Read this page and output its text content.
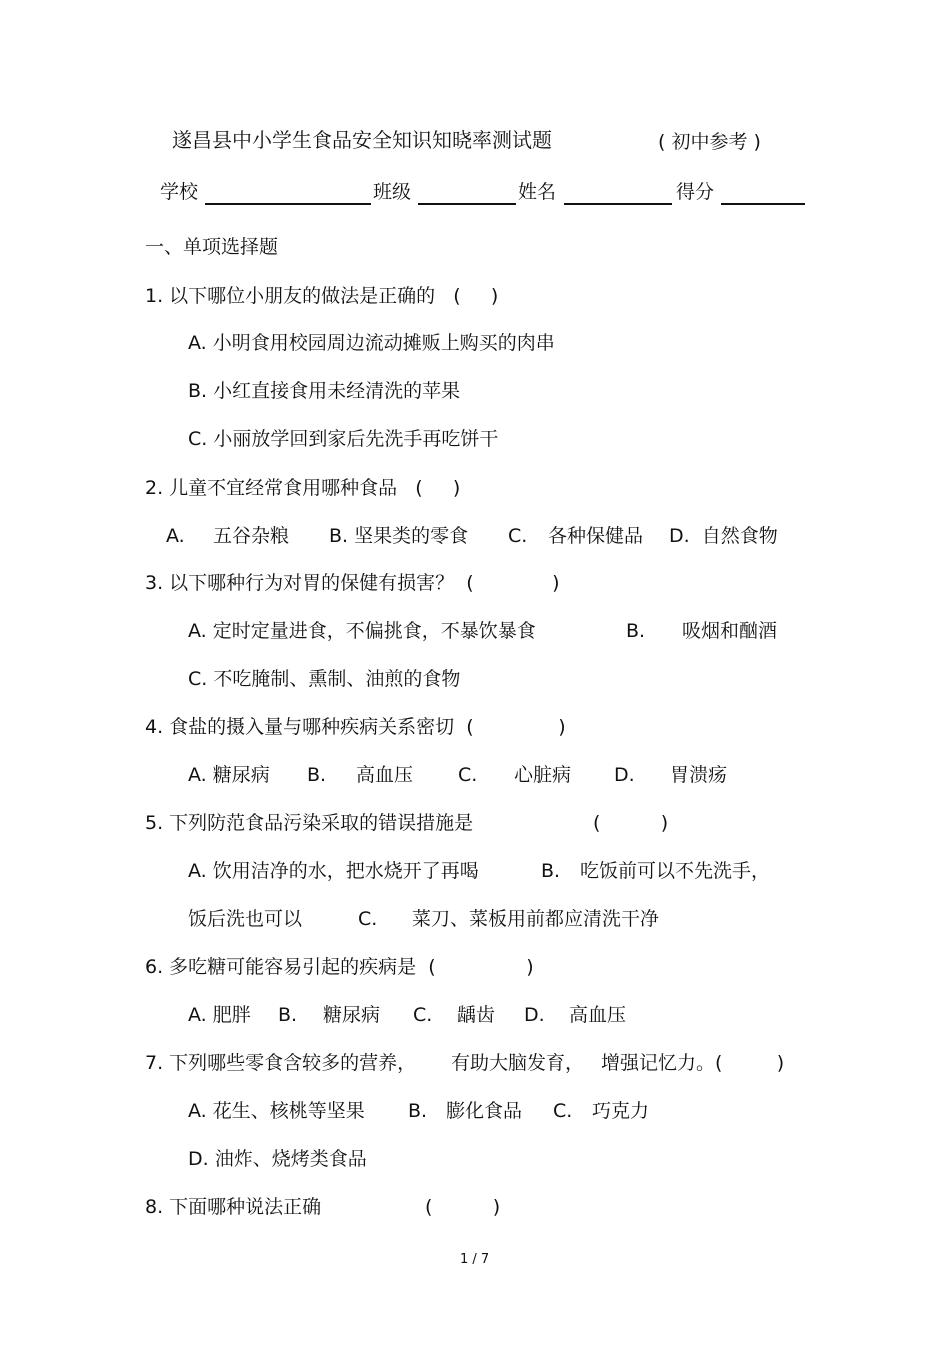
遂昌县中小学生食品安全知识知晓率测试题	( 初中参考 )
学校	班级	姓名	得分
一、单项选择题
1. 以下哪位小朋友的做法是正确的   (     )
A. 小明食用校园周边流动摊贩上购买的肉串
B. 小红直接食用未经清洗的苹果
C. 小丽放学回到家后先洗手再吃饼干
2. 儿童不宜经常食用哪种食品   (     )
A. 五谷杂粮 B. 坚果类的零食 C. 各种保健品 D.  自然食物
3. 以下哪种行为对胃的保健有损害？  (             )
A. 定时定量进食，不偏挑食，不暴饮暴食	B. 吸烟和酗酒
C. 不吃腌制、熏制、油煎的食物
4. 食盐的摄入量与哪种疾病关系密切  (              )
A. 糖尿病 B. 高血压 C. 心脏病 D. 胃溃疡
5. 下列防范食品污染采取的错误措施是	(          )
A. 饮用洁净的水，把水烧开了再喝	B. 吃饭前可以不先洗手，
饭后洗也可以	C. 菜刀、菜板用前都应清洗干净
6. 多吃糖可能容易引起的疾病是  (               )
A. 肥胖 B. 糖尿病 C. 龋齿 D. 高血压
7. 下列哪些零食含较多的营养， 有助大脑发育， 增强记忆力。(         )
A. 花生、核桃等坚果 B. 膨化食品 C. 巧克力
D. 油炸、烧烤类食品
8. 下面哪种说法正确	(          )
1 / 7
